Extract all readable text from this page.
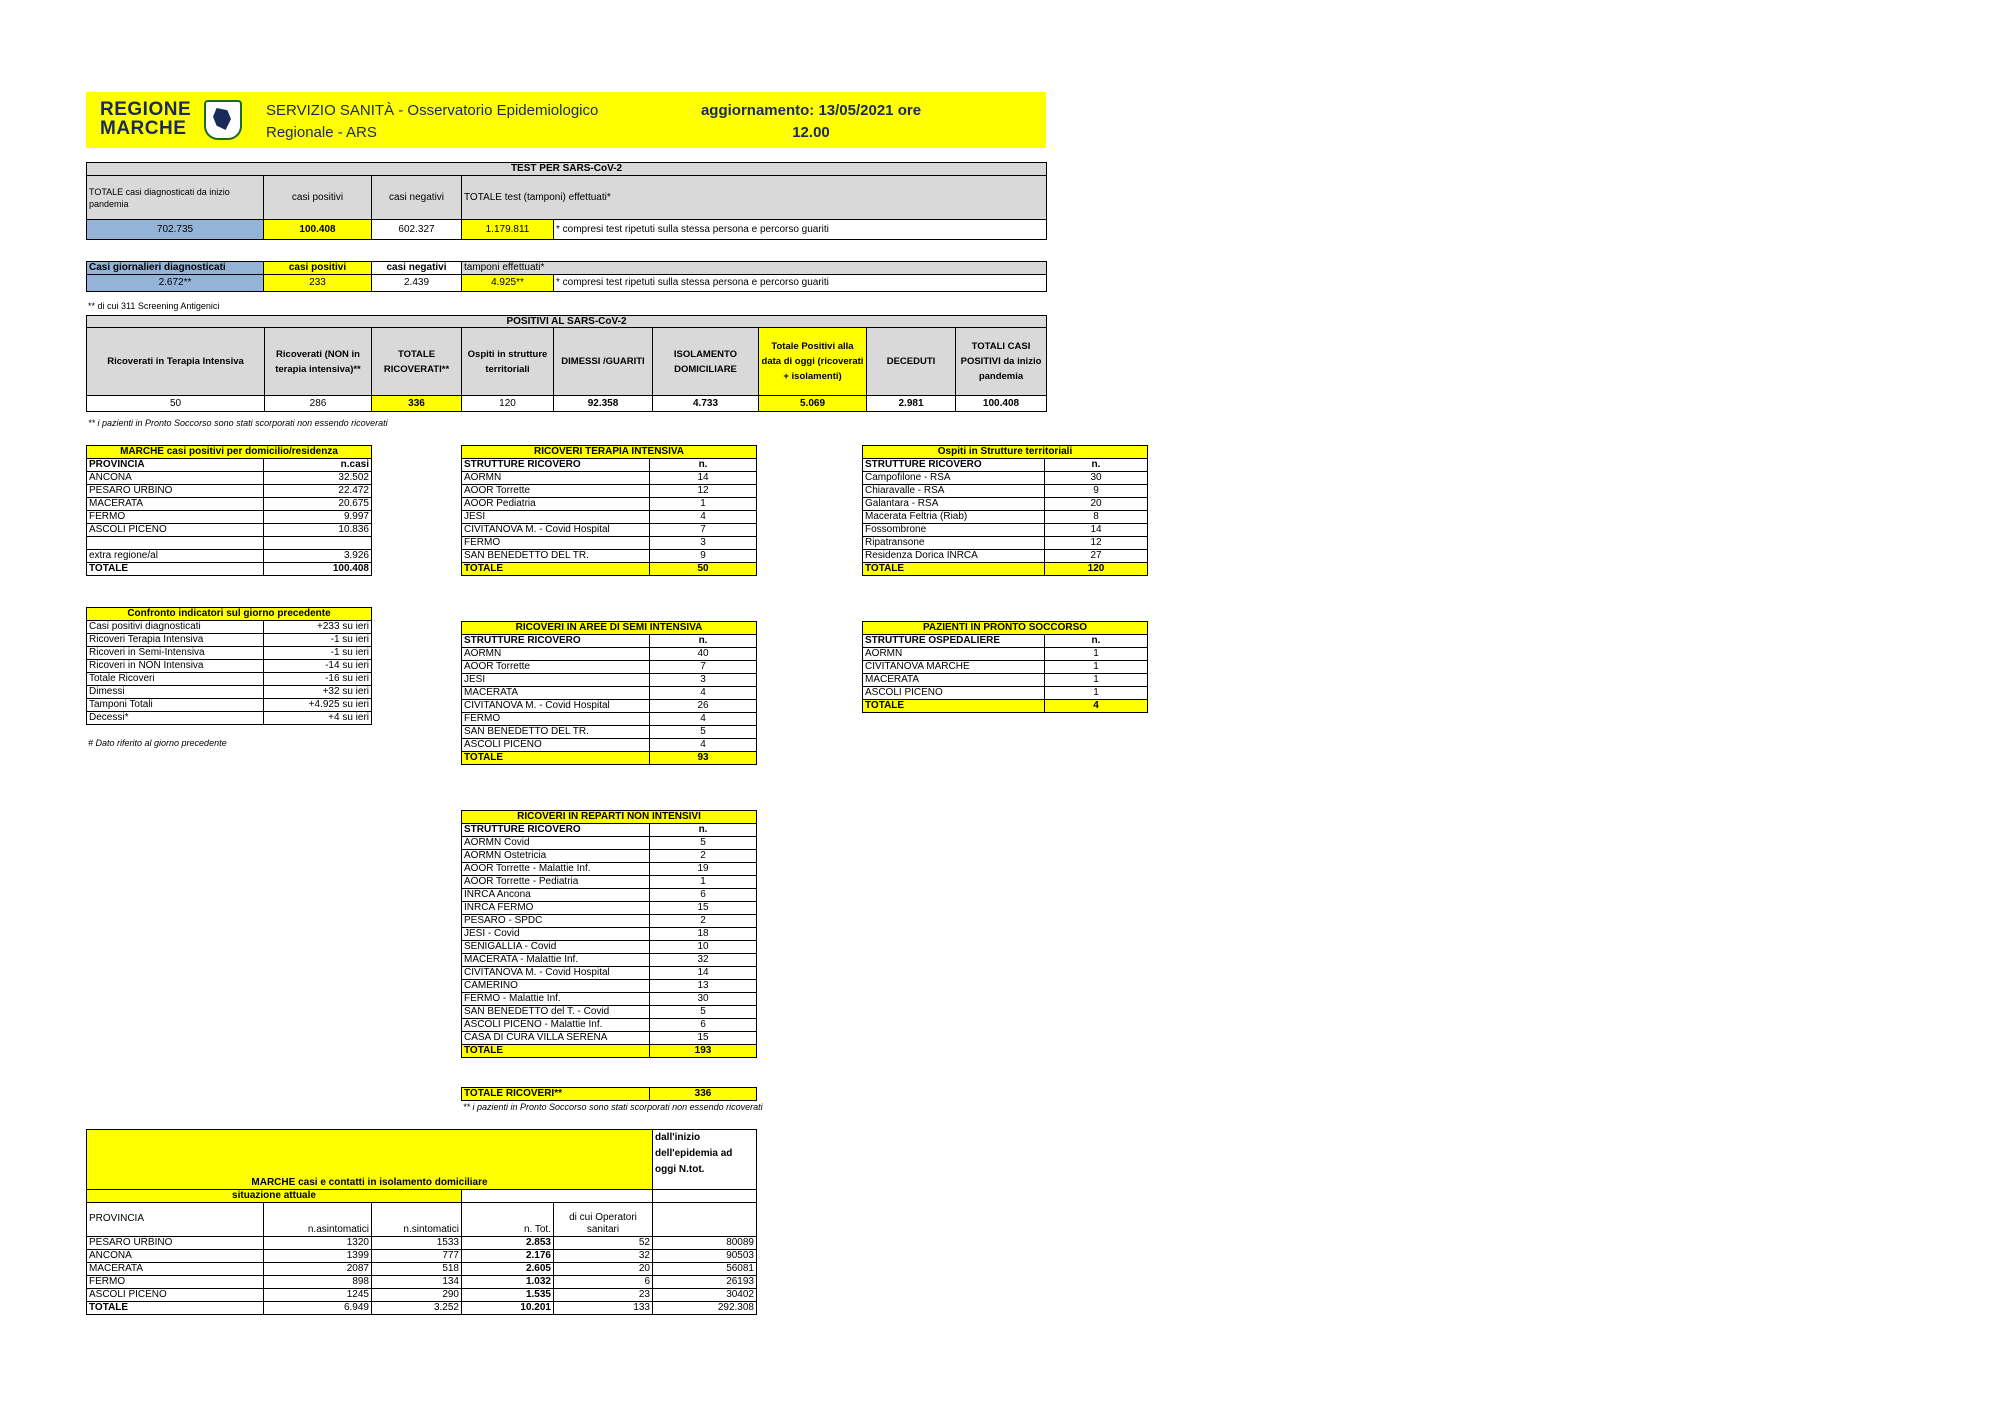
REGIONE
MARCHE
SERVIZIO SANITÀ - Osservatorio Epidemiologico
Regionale - ARS
aggiornamento: 13/05/2021 ore
12.00
TEST PER SARS-CoV-2				
TOTALE casi diagnosticati da inizio pandemia	casi positivi	casi negativi	TOTALE test (tamponi) effettuati*	
702.735	100.408	602.327	1.179.811	* compresi test ripetuti sulla stessa persona e percorso guariti
Casi giornalieri diagnosticati	casi positivi	casi negativi	tamponi effettuati*	
2.672**	233	2.439	4.925**	* compresi test ripetuti sulla stessa persona e percorso guariti
** di cui 311 Screening Antigenici
POSITIVI AL SARS-CoV-2								
Ricoverati in Terapia Intensiva	Ricoverati (NON in terapia intensiva)**	TOTALE RICOVERATI**	Ospiti in strutture territoriali	DIMESSI /GUARITI	ISOLAMENTO DOMICILIARE	Totale Positivi alla data di oggi (ricoverati + isolamenti)	DECEDUTI	TOTALI CASI POSITIVI da inizio pandemia
50	286	336	120	92.358	4.733	5.069	2.981	100.408
** i pazienti in Pronto Soccorso sono stati scorporati non essendo ricoverati
MARCHE casi positivi per domicilio/residenza	
PROVINCIA	n.casi
ANCONA	32.502
PESARO URBINO	22.472
MACERATA	20.675
FERMO	9.997
ASCOLI PICENO	10.836

extra regione/al	3.926
TOTALE	100.408
Confronto indicatori sul giorno precedente	
Casi positivi diagnosticati	+233 su ieri
Ricoveri Terapia Intensiva	-1 su ieri
Ricoveri in Semi-Intensiva	-1 su ieri
Ricoveri in NON Intensiva	-14 su ieri
Totale Ricoveri	-16 su ieri
Dimessi	+32 su ieri
Tamponi Totali	+4.925 su ieri
Decessi*	+4 su ieri
# Dato riferito al giorno precedente
RICOVERI TERAPIA INTENSIVA	
STRUTTURE RICOVERO	n.
AORMN	14
AOOR Torrette	12
AOOR Pediatria	1
JESI	4
CIVITANOVA M. - Covid Hospital	7
FERMO	3
SAN BENEDETTO DEL TR.	9
TOTALE	50
RICOVERI IN AREE DI SEMI INTENSIVA	
STRUTTURE RICOVERO	n.
AORMN	40
AOOR Torrette	7
JESI	3
MACERATA	4
CIVITANOVA M. - Covid Hospital	26
FERMO	4
SAN BENEDETTO DEL TR.	5
ASCOLI PICENO	4
TOTALE	93
RICOVERI IN REPARTI NON INTENSIVI	
STRUTTURE RICOVERO	n.
AORMN Covid	5
AORMN Ostetricia	2
AOOR Torrette - Malattie Inf.	19
AOOR Torrette - Pediatria	1
INRCA Ancona	6
INRCA FERMO	15
PESARO - SPDC	2
JESI - Covid	18
SENIGALLIA - Covid	10
MACERATA - Malattie Inf.	32
CIVITANOVA M. - Covid Hospital	14
CAMERINO	13
FERMO - Malattie Inf.	30
SAN BENEDETTO del T. - Covid	5
ASCOLI PICENO - Malattie Inf.	6
CASA DI CURA VILLA SERENA	15
TOTALE	193
TOTALE RICOVERI**	336
** i pazienti in Pronto Soccorso sono stati scorporati non essendo ricoverati
Ospiti in Strutture territoriali	
STRUTTURE RICOVERO	n.
Campofilone - RSA	30
Chiaravalle - RSA	9
Galantara - RSA	20
Macerata Feltria (Riab)	8
Fossombrone	14
Ripatransone	12
Residenza Dorica INRCA	27
TOTALE	120
PAZIENTI IN PRONTO SOCCORSO	
STRUTTURE OSPEDALIERE	n.
AORMN	1
CIVITANOVA MARCHE	1
MACERATA	1
ASCOLI PICENO	1
TOTALE	4
					dall'inizio dell'epidemia ad oggi N.tot.
MARCHE casi e contatti in isolamento domiciliare					
situazione attuale					
PROVINCIA	n.asintomatici	n.sintomatici	n. Tot.	di cui Operatori sanitari	
PESARO URBINO	1320	1533	2.853	52	80089
ANCONA	1399	777	2.176	32	90503
MACERATA	2087	518	2.605	20	56081
FERMO	898	134	1.032	6	26193
ASCOLI PICENO	1245	290	1.535	23	30402
TOTALE	6.949	3.252	10.201	133	292.308
